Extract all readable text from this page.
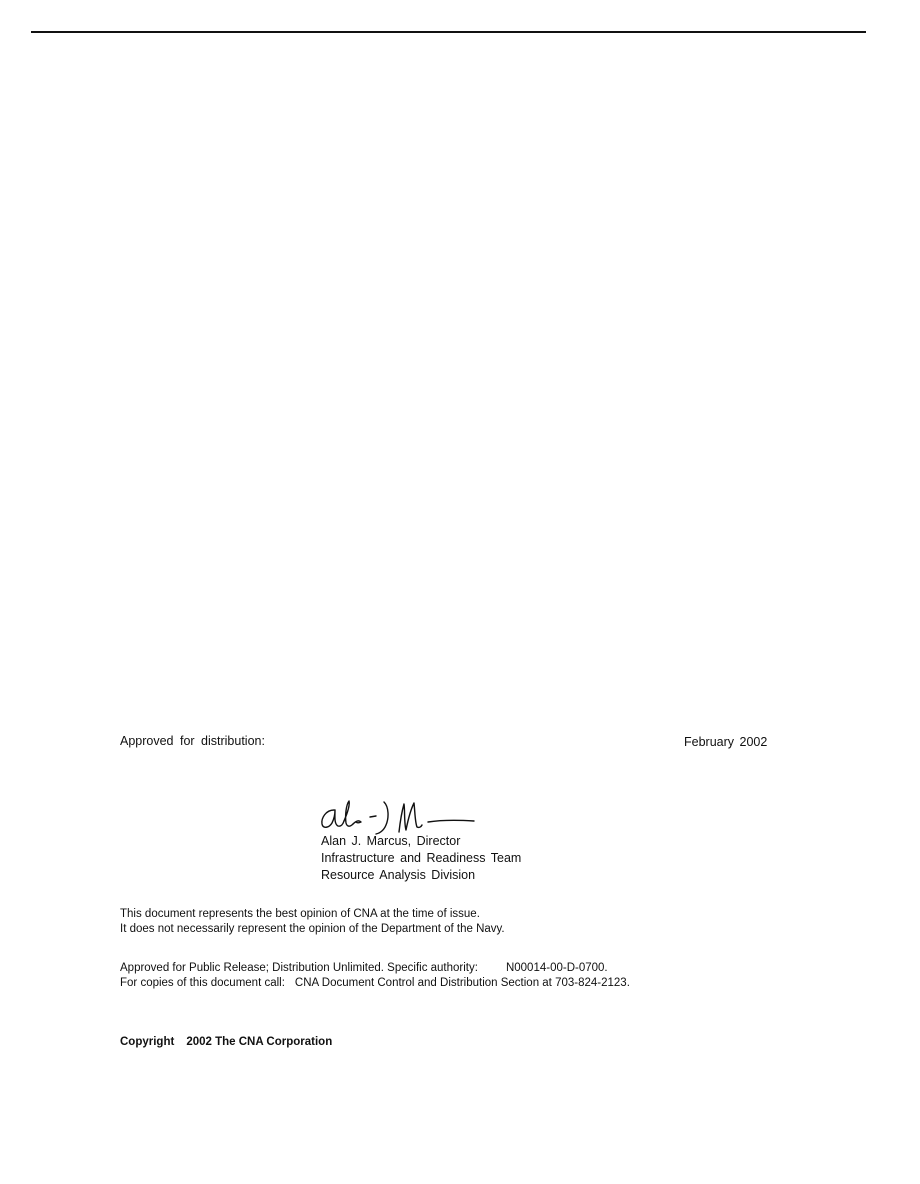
Approved for distribution:	February 2002
Alan J. Marcus, Director
Infrastructure and Readiness Team
Resource Analysis Division
This document represents the best opinion of CNA at the time of issue.
It does not necessarily represent the opinion of the Department of the Navy.
Approved for Public Release; Distribution Unlimited. Specific authority: N00014-00-D-0700.
For copies of this document call: CNA Document Control and Distribution Section at 703-824-2123.
Copyright 2002 The CNA Corporation
